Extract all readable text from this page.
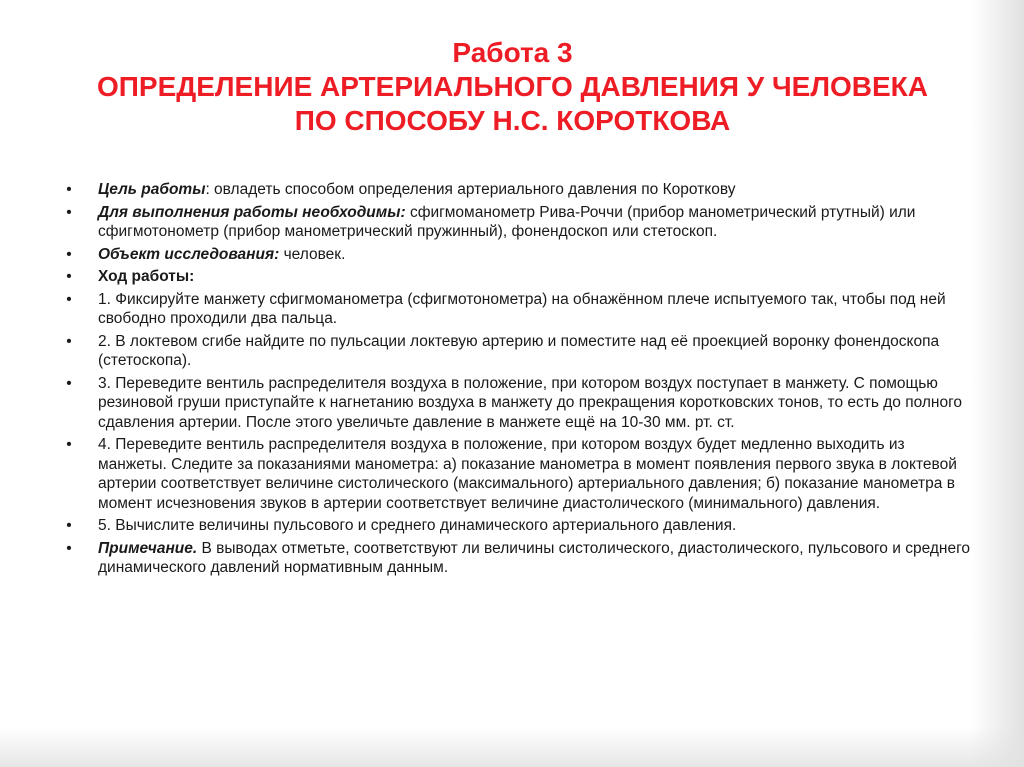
Работа 3
ОПРЕДЕЛЕНИЕ АРТЕРИАЛЬНОГО ДАВЛЕНИЯ У ЧЕЛОВЕКА
ПО СПОСОБУ Н.С. КОРОТКОВА
• Цель работы: овладеть способом определения артериального давления по Короткову
• Для выполнения работы необходимы: сфигмоманометр Рива-Роччи (прибор манометрический ртутный) или сфигмотонометр (прибор манометрический пружинный), фонендоскоп или стетоскоп.
• Объект исследования: человек.
• Ход работы:
• 1. Фиксируйте манжету сфигмоманометра (сфигмотонометра) на обнажённом плече испытуемого так, чтобы под ней свободно проходили два пальца.
• 2. В локтевом сгибе найдите по пульсации локтевую артерию и поместите над её проекцией воронку фонендоскопа (стетоскопа).
• 3. Переведите вентиль распределителя воздуха в положение, при котором воздух поступает в манжету. С помощью резиновой груши приступайте к нагнетанию воздуха в манжету до прекращения коротковских тонов, то есть до полного сдавления артерии. После этого увеличьте давление в манжете ещё на 10-30 мм. рт. ст.
• 4. Переведите вентиль распределителя воздуха в положение, при котором воздух будет медленно выходить из манжеты. Следите за показаниями манометра: а) показание манометра в момент появления первого звука в локтевой артерии соответствует величине систолического (максимального) артериального давления; б) показание манометра в момент исчезновения звуков в артерии соответствует величине диастолического (минимального) давления.
• 5. Вычислите величины пульсового и среднего динамического артериального давления.
• Примечание. В выводах отметьте, соответствуют ли величины систолического, диастолического, пульсового и среднего динамического давлений нормативным данным.
